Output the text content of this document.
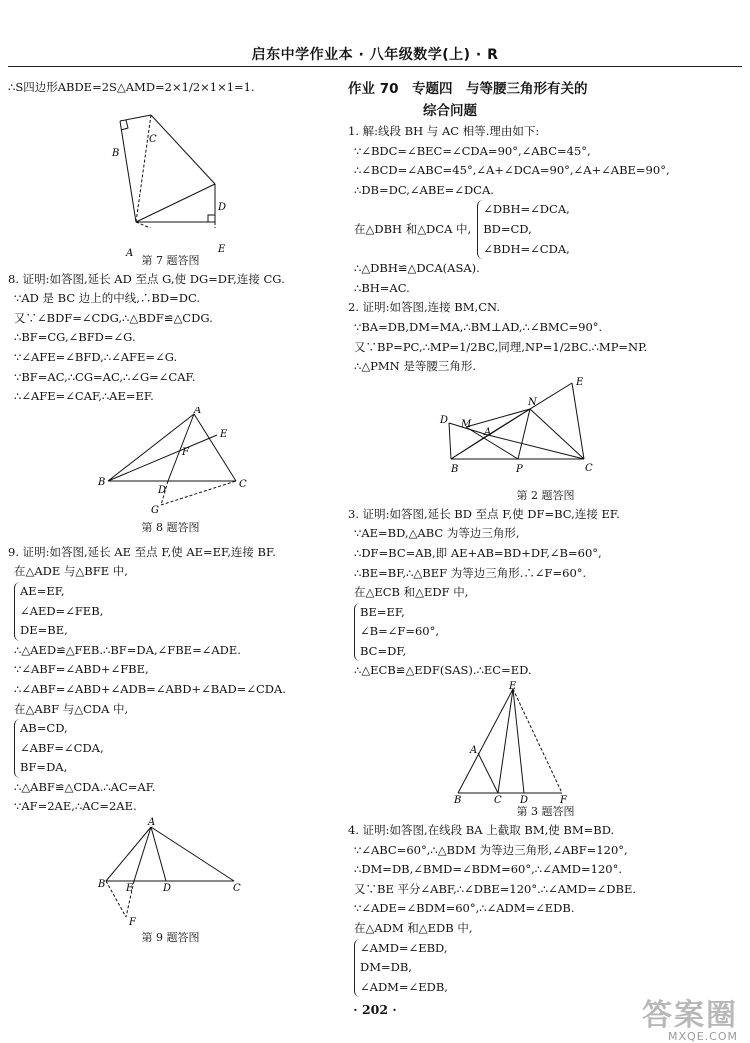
启东中学作业本 · 八年级数学(上) · R

∴S四边形ABDE=2S△AMD=2×1/2×1×1=1.

B
C
D
A	E

第 7 题答图

8. 证明:如答图,延长 AD 至点 G,使 DG=DF,连接 CG.

∵AD 是 BC 边上的中线,∴BD=DC.

又∵∠BDF=∠CDG,∴△BDF≌△CDG.

∴BF=CG,∠BFD=∠G.

∵∠AFE=∠BFD,∴∠AFE=∠G.

∵BF=AC,∴CG=AC,∴∠G=∠CAF.

∴∠AFE=∠CAF,∴AE=EF.

A
E
F
B
D
C
G

第 8 题答图

9. 证明:如答图,延长 AE 至点 F,使 AE=EF,连接 BF.

在△ADE 与△BFE 中,

AE=EF,

∠AED=∠FEB,

DE=BE,

∴△AED≌△FEB.∴BF=DA,∠FBE=∠ADE.

∵∠ABF=∠ABD+∠FBE,

∴∠ABF=∠ABD+∠ADB=∠ABD+∠BAD=∠CDA.

在△ABF 与△CDA 中,

AB=CD,

∠ABF=∠CDA,

BF=DA,

∴△ABF≌△CDA.∴AC=AF.

∵AF=2AE,∴AC=2AE.

A
B E	D	C
F

第 9 题答图

作业 70　专题四　与等腰三角形有关的

综合问题

1. 解:线段 BH 与 AC 相等.理由如下:

∵∠BDC=∠BEC=∠CDA=90°,∠ABC=45°,

∴∠BCD=∠ABC=45°,∠A+∠DCA=90°,∠A+∠ABE=90°,

∴DB=DC,∠ABE=∠DCA.

在△DBH 和△DCA 中,

∠DBH=∠DCA,

BD=CD,

∠BDH=∠CDA,

∴△DBH≌△DCA(ASA).

∴BH=AC.

2. 证明:如答图,连接 BM,CN.

∵BA=DB,DM=MA,∴BM⊥AD,∴∠BMC=90°.

又∵BP=PC,∴MP=1/2BC,同理,NP=1/2BC.∴MP=NP.

∴△PMN 是等腰三角形.

E
N
D M
A
B	P	C

第 2 题答图

3. 证明:如答图,延长 BD 至点 F,使 DF=BC,连接 EF.

∵AE=BD,△ABC 为等边三角形,

∴DF=BC=AB,即 AE+AB=BD+DF,∠B=60°,

∴BE=BF,∴△BEF 为等边三角形.∴∠F=60°.

在△ECB 和△EDF 中,

BE=EF,

∠B=∠F=60°,

BC=DF,

∴△ECB≌△EDF(SAS).∴EC=ED.

E
A
B	C D	F

第 3 题答图

4. 证明:如答图,在线段 BA 上截取 BM,使 BM=BD.

∵∠ABC=60°,∴△BDM 为等边三角形,∠ABF=120°,

∴DM=DB,∠BMD=∠BDM=60°,∴∠AMD=120°.

又∵BE 平分∠ABF,∴∠DBE=120°.∴∠AMD=∠DBE.

∵∠ADE=∠BDM=60°,∴∠ADM=∠EDB.

在△ADM 和△EDB 中,

∠AMD=∠EBD,

DM=DB,

∠ADM=∠EDB,

· 202 ·	答案圈
MXQE.COM
